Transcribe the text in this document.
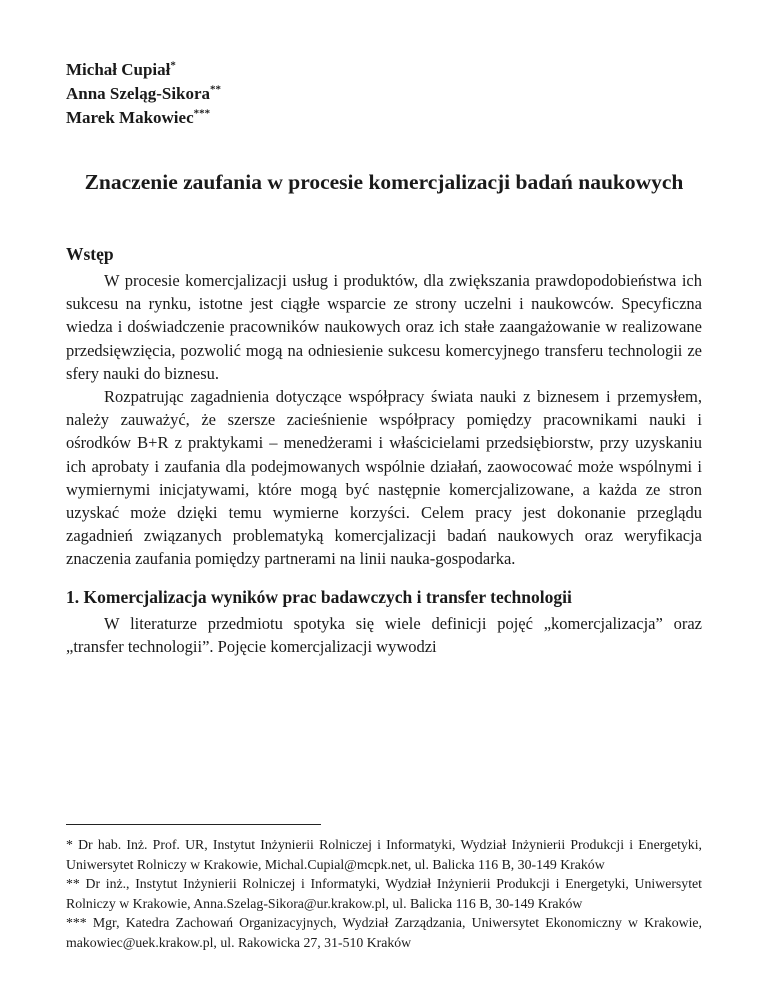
Michał Cupiał*
Anna Szeląg-Sikora**
Marek Makowiec***
Znaczenie zaufania w procesie komercjalizacji badań naukowych
Wstęp

W procesie komercjalizacji usług i produktów, dla zwiększania prawdopodobieństwa ich sukcesu na rynku, istotne jest ciągłe wsparcie ze strony uczelni i naukowców. Specyficzna wiedza i doświadczenie pracowników naukowych oraz ich stałe zaangażowanie w realizowane przedsięwzięcia, pozwolić mogą na odniesienie sukcesu komercyjnego transferu technologii ze sfery nauki do biznesu.

Rozpatrując zagadnienia dotyczące współpracy świata nauki z biznesem i przemysłem, należy zauważyć, że szersze zacieśnienie współpracy pomiędzy pracownikami nauki i ośrodków B+R z praktykami – menedżerami i właścicielami przedsiębiorstw, przy uzyskaniu ich aprobaty i zaufania dla podejmowanych wspólnie działań, zaowocować może wspólnymi i wymiernymi inicjatywami, które mogą być następnie komercjalizowane, a każda ze stron uzyskać może dzięki temu wymierne korzyści. Celem pracy jest dokonanie przeglądu zagadnień związanych problematyką komercjalizacji badań naukowych oraz weryfikacja znaczenia zaufania pomiędzy partnerami na linii nauka-gospodarka.

1. Komercjalizacja wyników prac badawczych i transfer technologii

W literaturze przedmiotu spotyka się wiele definicji pojęć „komercjalizacja” oraz „transfer technologii”. Pojęcie komercjalizacji wywodzi

* Dr hab. Inż. Prof. UR, Instytut Inżynierii Rolniczej i Informatyki, Wydział Inżynierii Produkcji i Energetyki, Uniwersytet Rolniczy w Krakowie, Michal.Cupial@mcpk.net, ul. Balicka 116 B, 30-149 Kraków

** Dr inż., Instytut Inżynierii Rolniczej i Informatyki, Wydział Inżynierii Produkcji i Energetyki, Uniwersytet Rolniczy w Krakowie, Anna.Szelag-Sikora@ur.krakow.pl, ul. Balicka 116 B, 30-149 Kraków

*** Mgr, Katedra Zachowań Organizacyjnych, Wydział Zarządzania, Uniwersytet Ekonomiczny w Krakowie, makowiec@uek.krakow.pl, ul. Rakowicka 27, 31-510 Kraków
